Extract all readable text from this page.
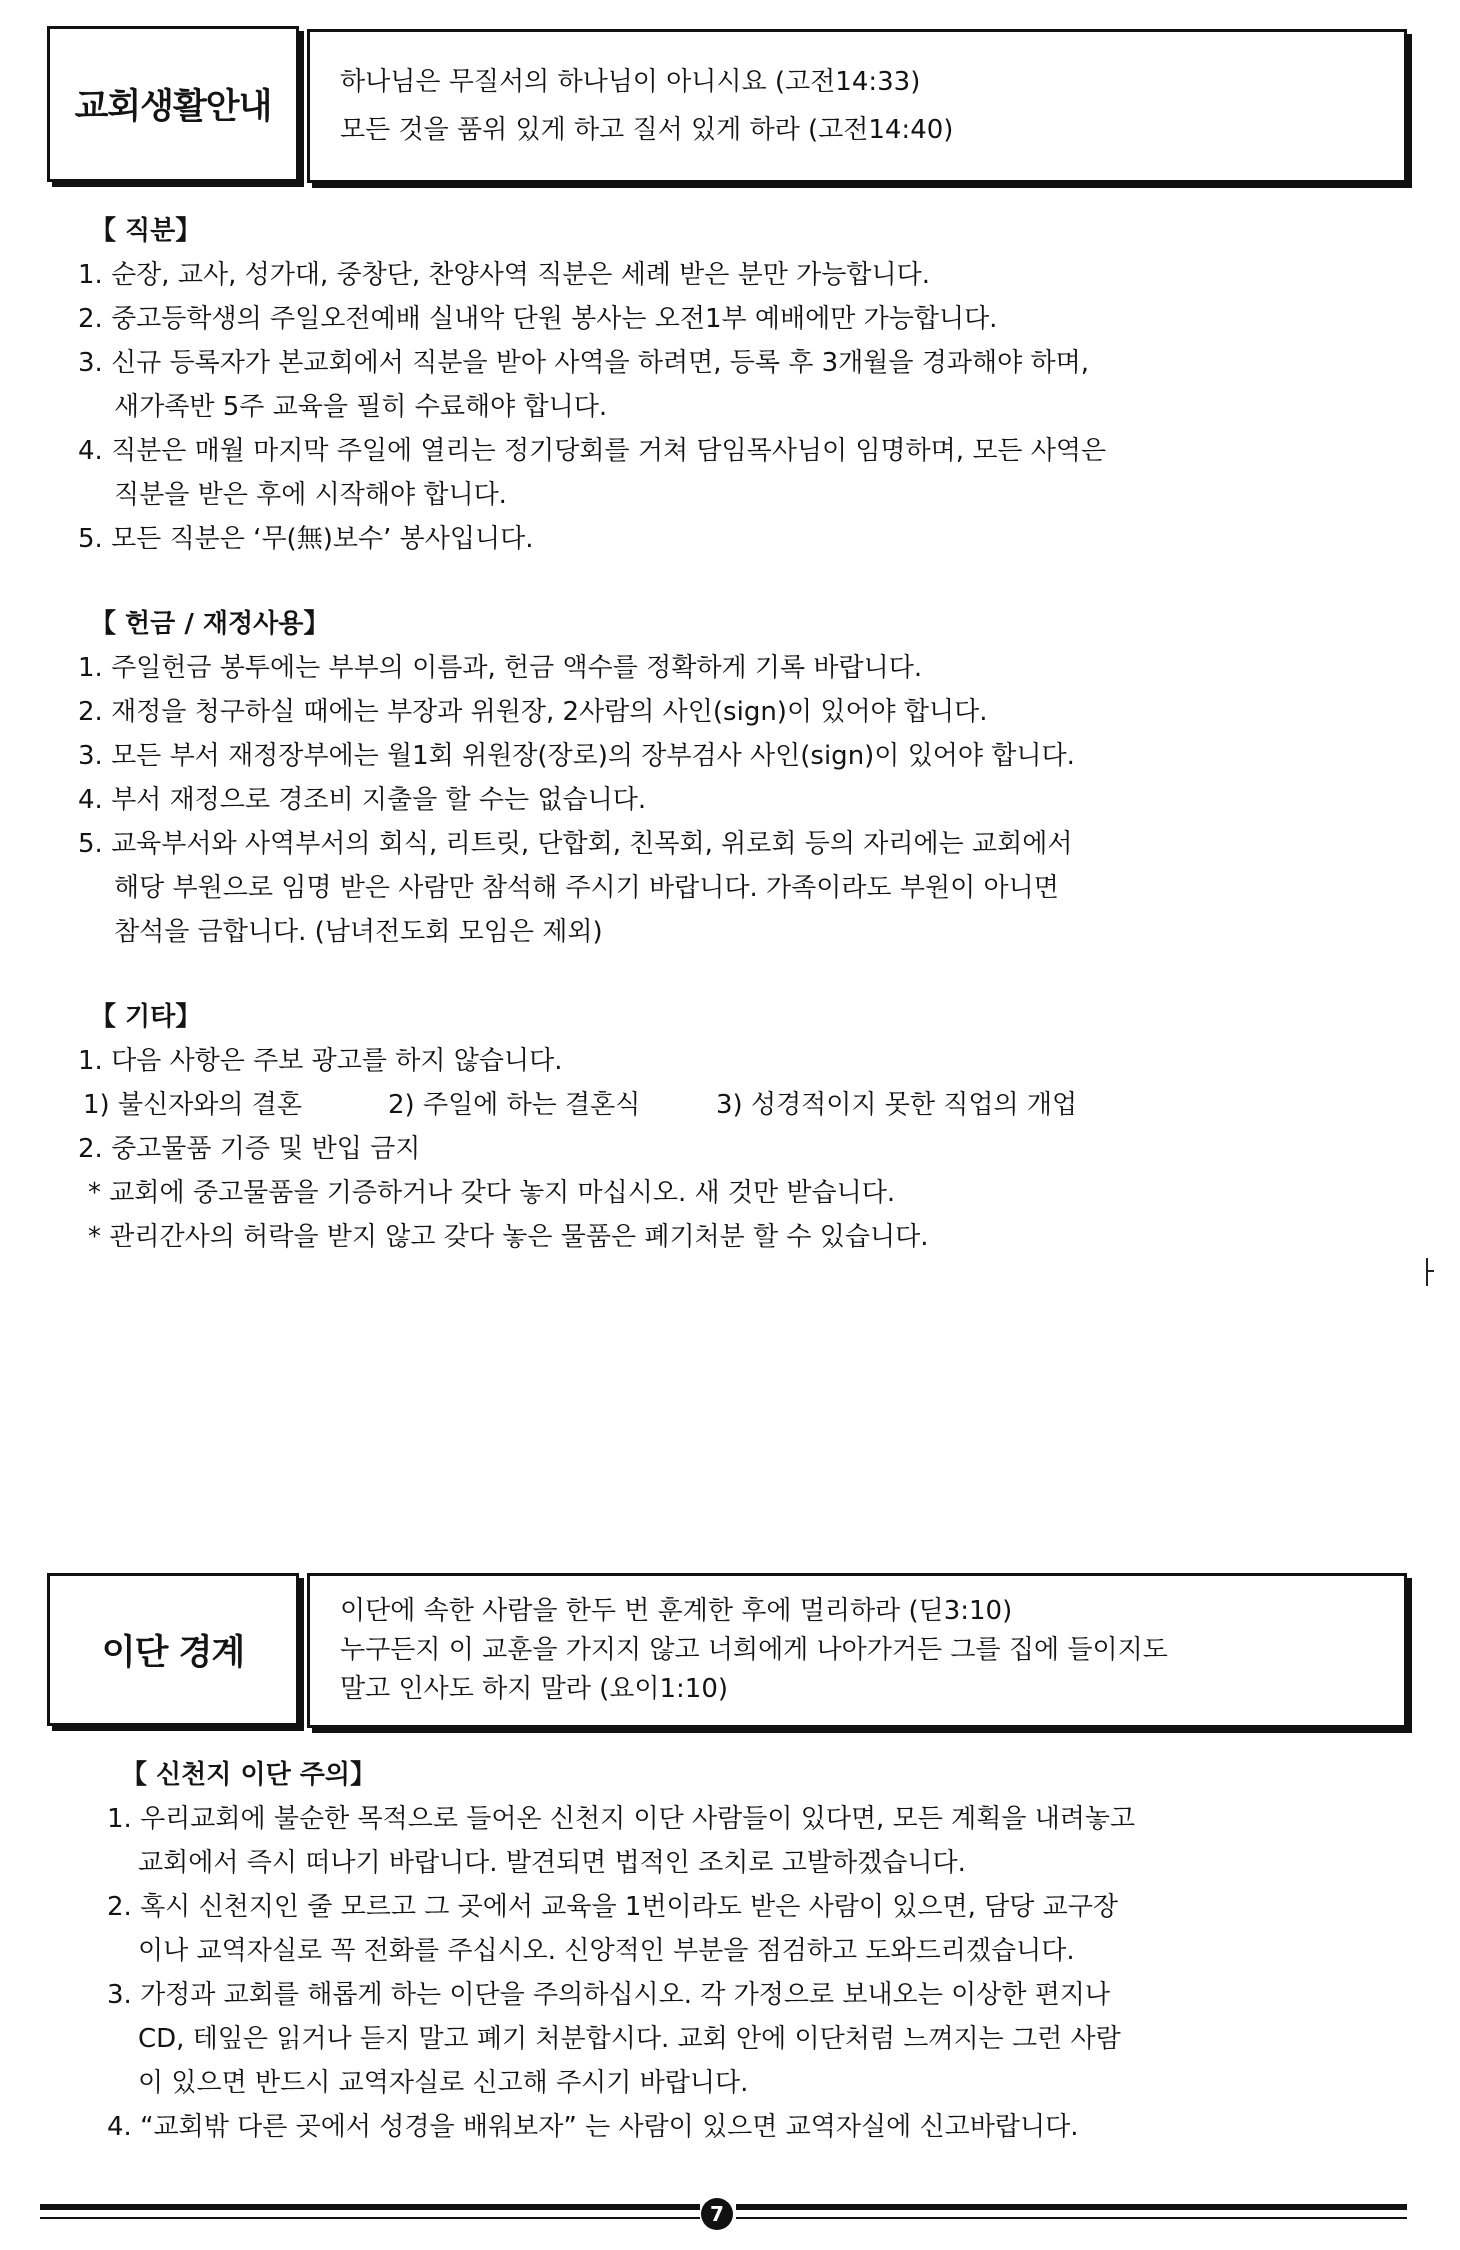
교회생활안내
하나님은 무질서의 하나님이 아니시요 (고전14:33)
모든 것을 품위 있게 하고 질서 있게 하라 (고전14:40)
【 직분】
1. 순장, 교사, 성가대, 중창단, 찬양사역 직분은 세례 받은 분만 가능합니다.
2. 중고등학생의 주일오전예배 실내악 단원 봉사는 오전1부 예배에만 가능합니다.
3. 신규 등록자가 본교회에서 직분을 받아 사역을 하려면, 등록 후 3개월을 경과해야 하며,
새가족반 5주 교육을 필히 수료해야 합니다.
4. 직분은 매월 마지막 주일에 열리는 정기당회를 거쳐 담임목사님이 임명하며, 모든 사역은
직분을 받은 후에 시작해야 합니다.
5. 모든 직분은 ‘무(無)보수’ 봉사입니다.
【 헌금 / 재정사용】
1. 주일헌금 봉투에는 부부의 이름과, 헌금 액수를 정확하게 기록 바랍니다.
2. 재정을 청구하실 때에는 부장과 위원장, 2사람의 사인(sign)이 있어야 합니다.
3. 모든 부서 재정장부에는 월1회 위원장(장로)의 장부검사 사인(sign)이 있어야 합니다.
4. 부서 재정으로 경조비 지출을 할 수는 없습니다.
5. 교육부서와 사역부서의 회식, 리트릿, 단합회, 친목회, 위로회 등의 자리에는 교회에서
해당 부원으로 임명 받은 사람만 참석해 주시기 바랍니다. 가족이라도 부원이 아니면
참석을 금합니다. (남녀전도회 모임은 제외)
【 기타】
1. 다음 사항은 주보 광고를 하지 않습니다.
1) 불신자와의 결혼	2) 주일에 하는 결혼식	3) 성경적이지 못한 직업의 개업
2. 중고물품 기증 및 반입 금지
* 교회에 중고물품을 기증하거나 갖다 놓지 마십시오. 새 것만 받습니다.
* 관리간사의 허락을 받지 않고 갖다 놓은 물품은 폐기처분 할 수 있습니다.
이단 경계
이단에 속한 사람을 한두 번 훈계한 후에 멀리하라 (딛3:10)
누구든지 이 교훈을 가지지 않고 너희에게 나아가거든 그를 집에 들이지도
말고 인사도 하지 말라 (요이1:10)
【 신천지 이단 주의】
1. 우리교회에 불순한 목적으로 들어온 신천지 이단 사람들이 있다면, 모든 계획을 내려놓고
교회에서 즉시 떠나기 바랍니다. 발견되면 법적인 조치로 고발하겠습니다.
2. 혹시 신천지인 줄 모르고 그 곳에서 교육을 1번이라도 받은 사람이 있으면, 담당 교구장
이나 교역자실로 꼭 전화를 주십시오. 신앙적인 부분을 점검하고 도와드리겠습니다.
3. 가정과 교회를 해롭게 하는 이단을 주의하십시오. 각 가정으로 보내오는 이상한 편지나
CD, 테잎은 읽거나 듣지 말고 폐기 처분합시다. 교회 안에 이단처럼 느껴지는 그런 사람
이 있으면 반드시 교역자실로 신고해 주시기 바랍니다.
4. “교회밖 다른 곳에서 성경을 배워보자” 는 사람이 있으면 교역자실에 신고바랍니다.
7
